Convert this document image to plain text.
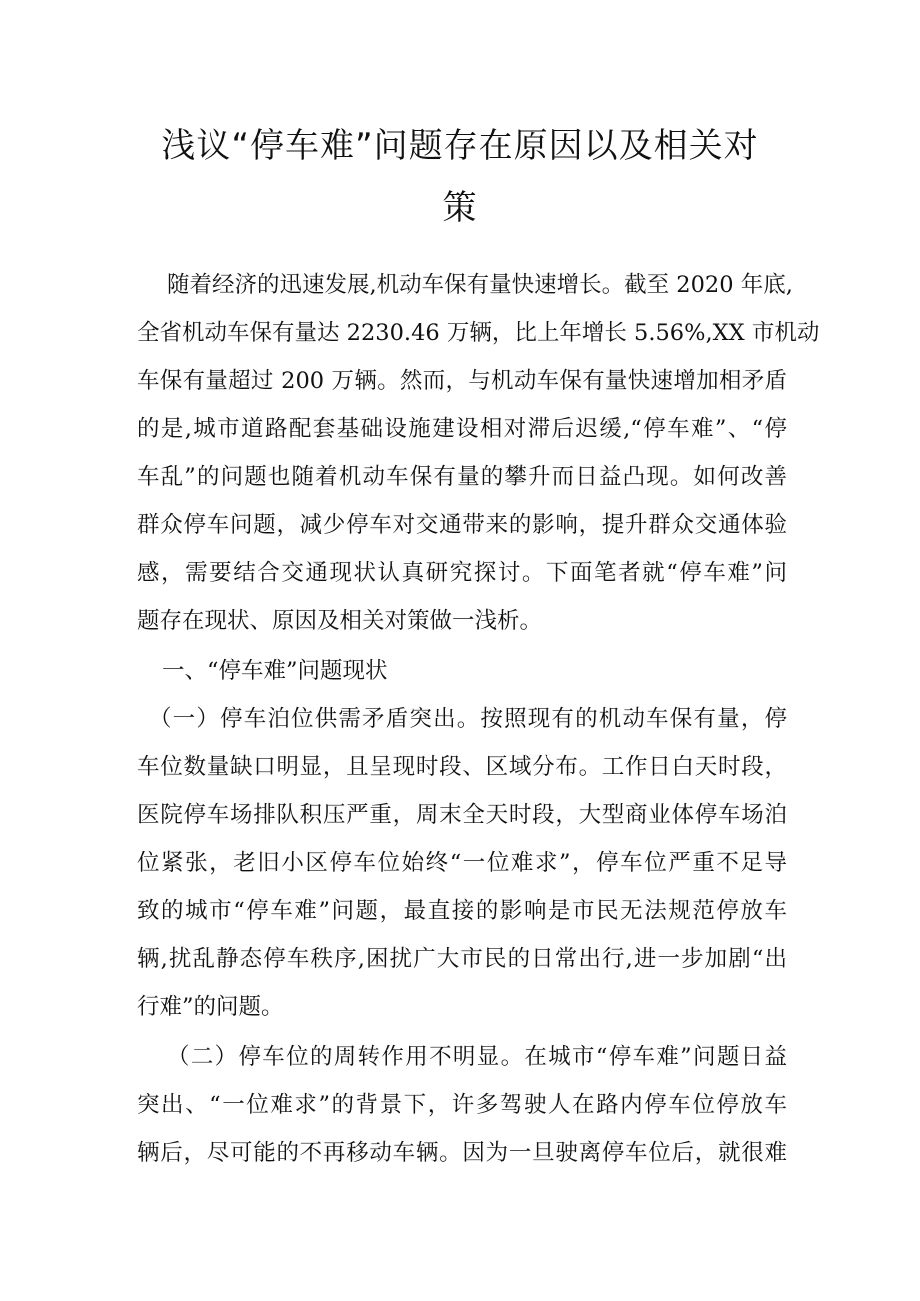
浅议“停车难”问题存在原因以及相关对
策
随着经济的迅速发展,机动车保有量快速增长。截至 2020 年底,
全省机动车保有量达 2230.46 万辆，比上年增长 5.56%,XX 市机动
车保有量超过 200 万辆。然而，与机动车保有量快速增加相矛盾
的是,城市道路配套基础设施建设相对滞后迟缓,“停车难”、“停
车乱”的问题也随着机动车保有量的攀升而日益凸现。如何改善
群众停车问题，减少停车对交通带来的影响，提升群众交通体验
感，需要结合交通现状认真研究探讨。下面笔者就“停车难”问
题存在现状、原因及相关对策做一浅析。
一、“停车难”问题现状
（一）停车泊位供需矛盾突出。按照现有的机动车保有量，停
车位数量缺口明显，且呈现时段、区域分布。工作日白天时段，
医院停车场排队积压严重，周末全天时段，大型商业体停车场泊
位紧张，老旧小区停车位始终“一位难求”，停车位严重不足导
致的城市“停车难”问题，最直接的影响是市民无法规范停放车
辆,扰乱静态停车秩序,困扰广大市民的日常出行,进一步加剧“出
行难”的问题。
（二）停车位的周转作用不明显。在城市“停车难”问题日益
突出、“一位难求”的背景下，许多驾驶人在路内停车位停放车
辆后，尽可能的不再移动车辆。因为一旦驶离停车位后，就很难
